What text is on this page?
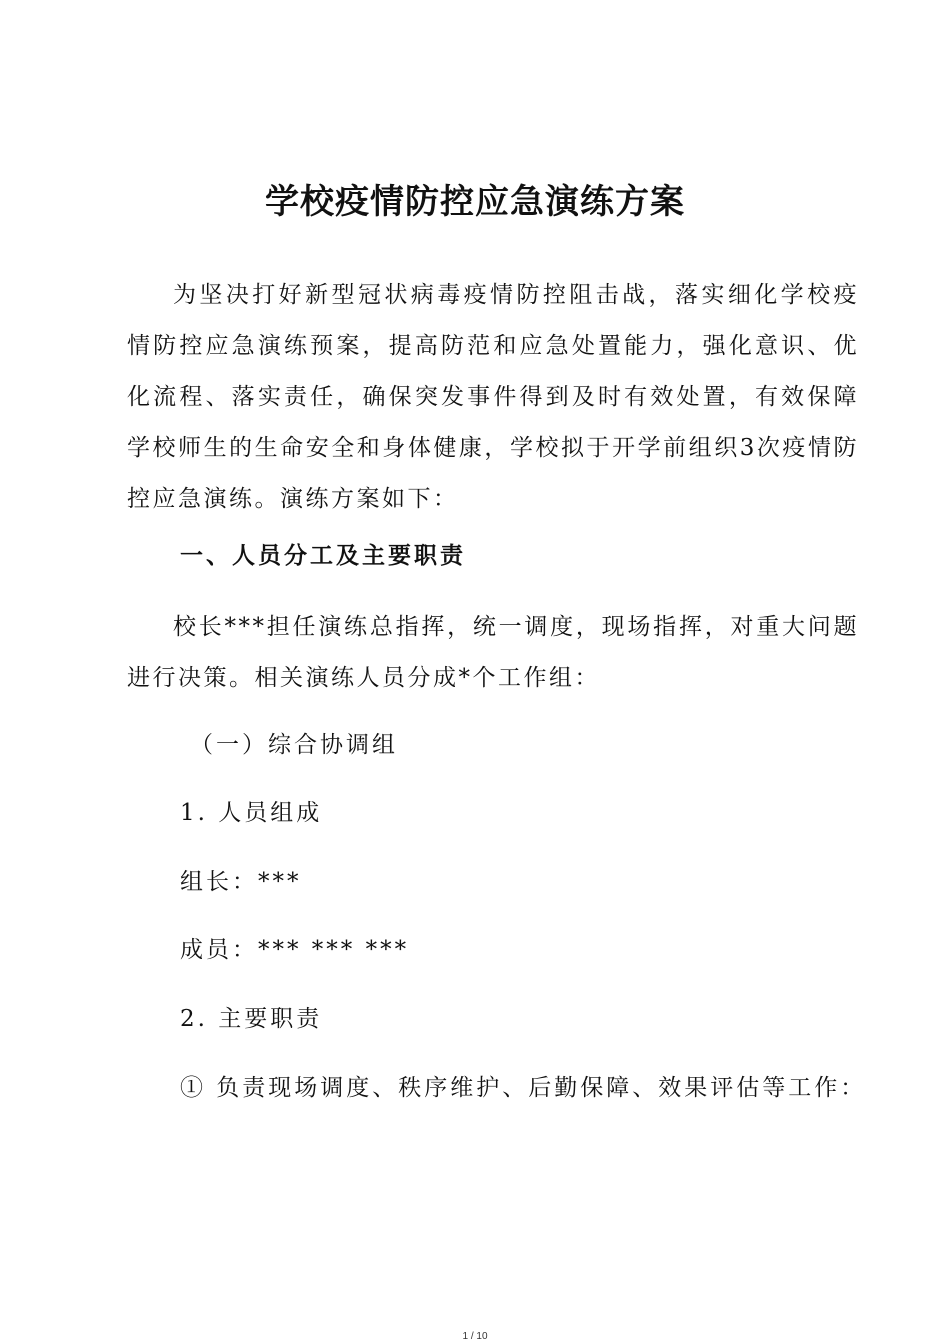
学校疫情防控应急演练方案

为坚决打好新型冠状病毒疫情防控阻击战，落实细化学校疫情防控应急演练预案，提高防范和应急处置能力，强化意识、优化流程、落实责任，确保突发事件得到及时有效处置，有效保障学校师生的生命安全和身体健康，学校拟于开学前组织3次疫情防控应急演练。演练方案如下：

一、人员分工及主要职责

校长***担任演练总指挥，统一调度，现场指挥，对重大问题进行决策。相关演练人员分成*个工作组：

（一）综合协调组

1. 人员组成

组长：***

成员：*** *** ***

2. 主要职责

① 负责现场调度、秩序维护、后勤保障、效果评估等工作：

1 / 10
